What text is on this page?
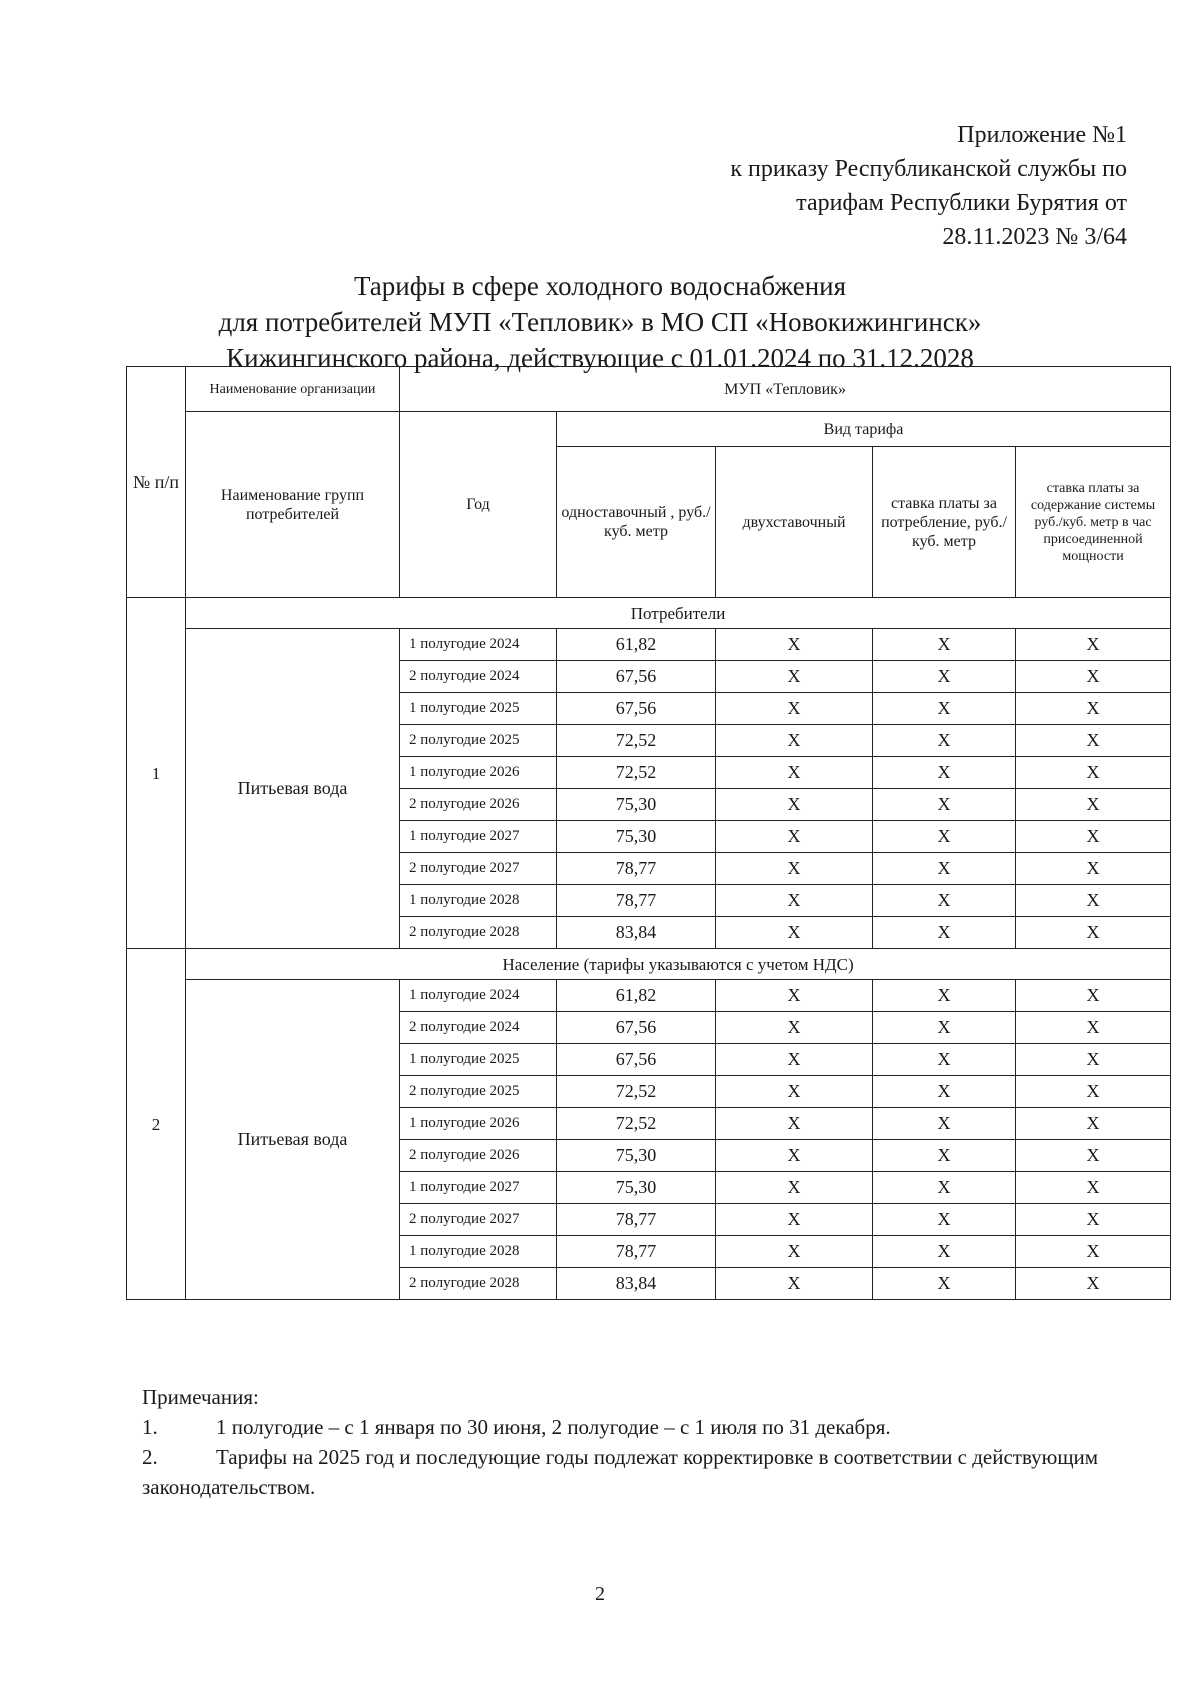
Приложение №1
к приказу Республиканской службы по
тарифам Республики Бурятия от
28.11.2023 № 3/64
Тарифы в сфере холодного водоснабжения
для потребителей МУП «Тепловик» в МО СП «Новокижингинск»
Кижингинского района, действующие с 01.01.2024 по 31.12.2028
№ п/п	Наименование организации	МУП «Тепловик»				
	Наименование групп потребителей	Год	Вид тарифа			
			одноставочный , руб./ куб. метр	двухставочный	ставка платы за потребление, руб./ куб. метр	ставка платы за содержание системы руб./куб. метр в час присоединенной мощности
1	Потребители					
	Питьевая вода	1 полугодие 2024	61,82	Х	Х	Х
		2 полугодие 2024	67,56	Х	Х	Х
		1 полугодие 2025	67,56	Х	Х	Х
		2 полугодие 2025	72,52	Х	Х	Х
		1 полугодие 2026	72,52	Х	Х	Х
		2 полугодие 2026	75,30	Х	Х	Х
		1 полугодие 2027	75,30	Х	Х	Х
		2 полугодие 2027	78,77	Х	Х	Х
		1 полугодие 2028	78,77	Х	Х	Х
		2 полугодие 2028	83,84	Х	Х	Х
2	Население (тарифы указываются с учетом НДС)					
	Питьевая вода	1 полугодие 2024	61,82	Х	Х	Х
		2 полугодие 2024	67,56	Х	Х	Х
		1 полугодие 2025	67,56	Х	Х	Х
		2 полугодие 2025	72,52	Х	Х	Х
		1 полугодие 2026	72,52	Х	Х	Х
		2 полугодие 2026	75,30	Х	Х	Х
		1 полугодие 2027	75,30	Х	Х	Х
		2 полугодие 2027	78,77	Х	Х	Х
		1 полугодие 2028	78,77	Х	Х	Х
		2 полугодие 2028	83,84	Х	Х	Х
Примечания:
1.	1 полугодие – с 1 января по 30 июня, 2 полугодие – с 1 июля по 31 декабря.
2.	Тарифы на 2025 год и последующие годы подлежат корректировке в соответствии с действующим законодательством.
2
